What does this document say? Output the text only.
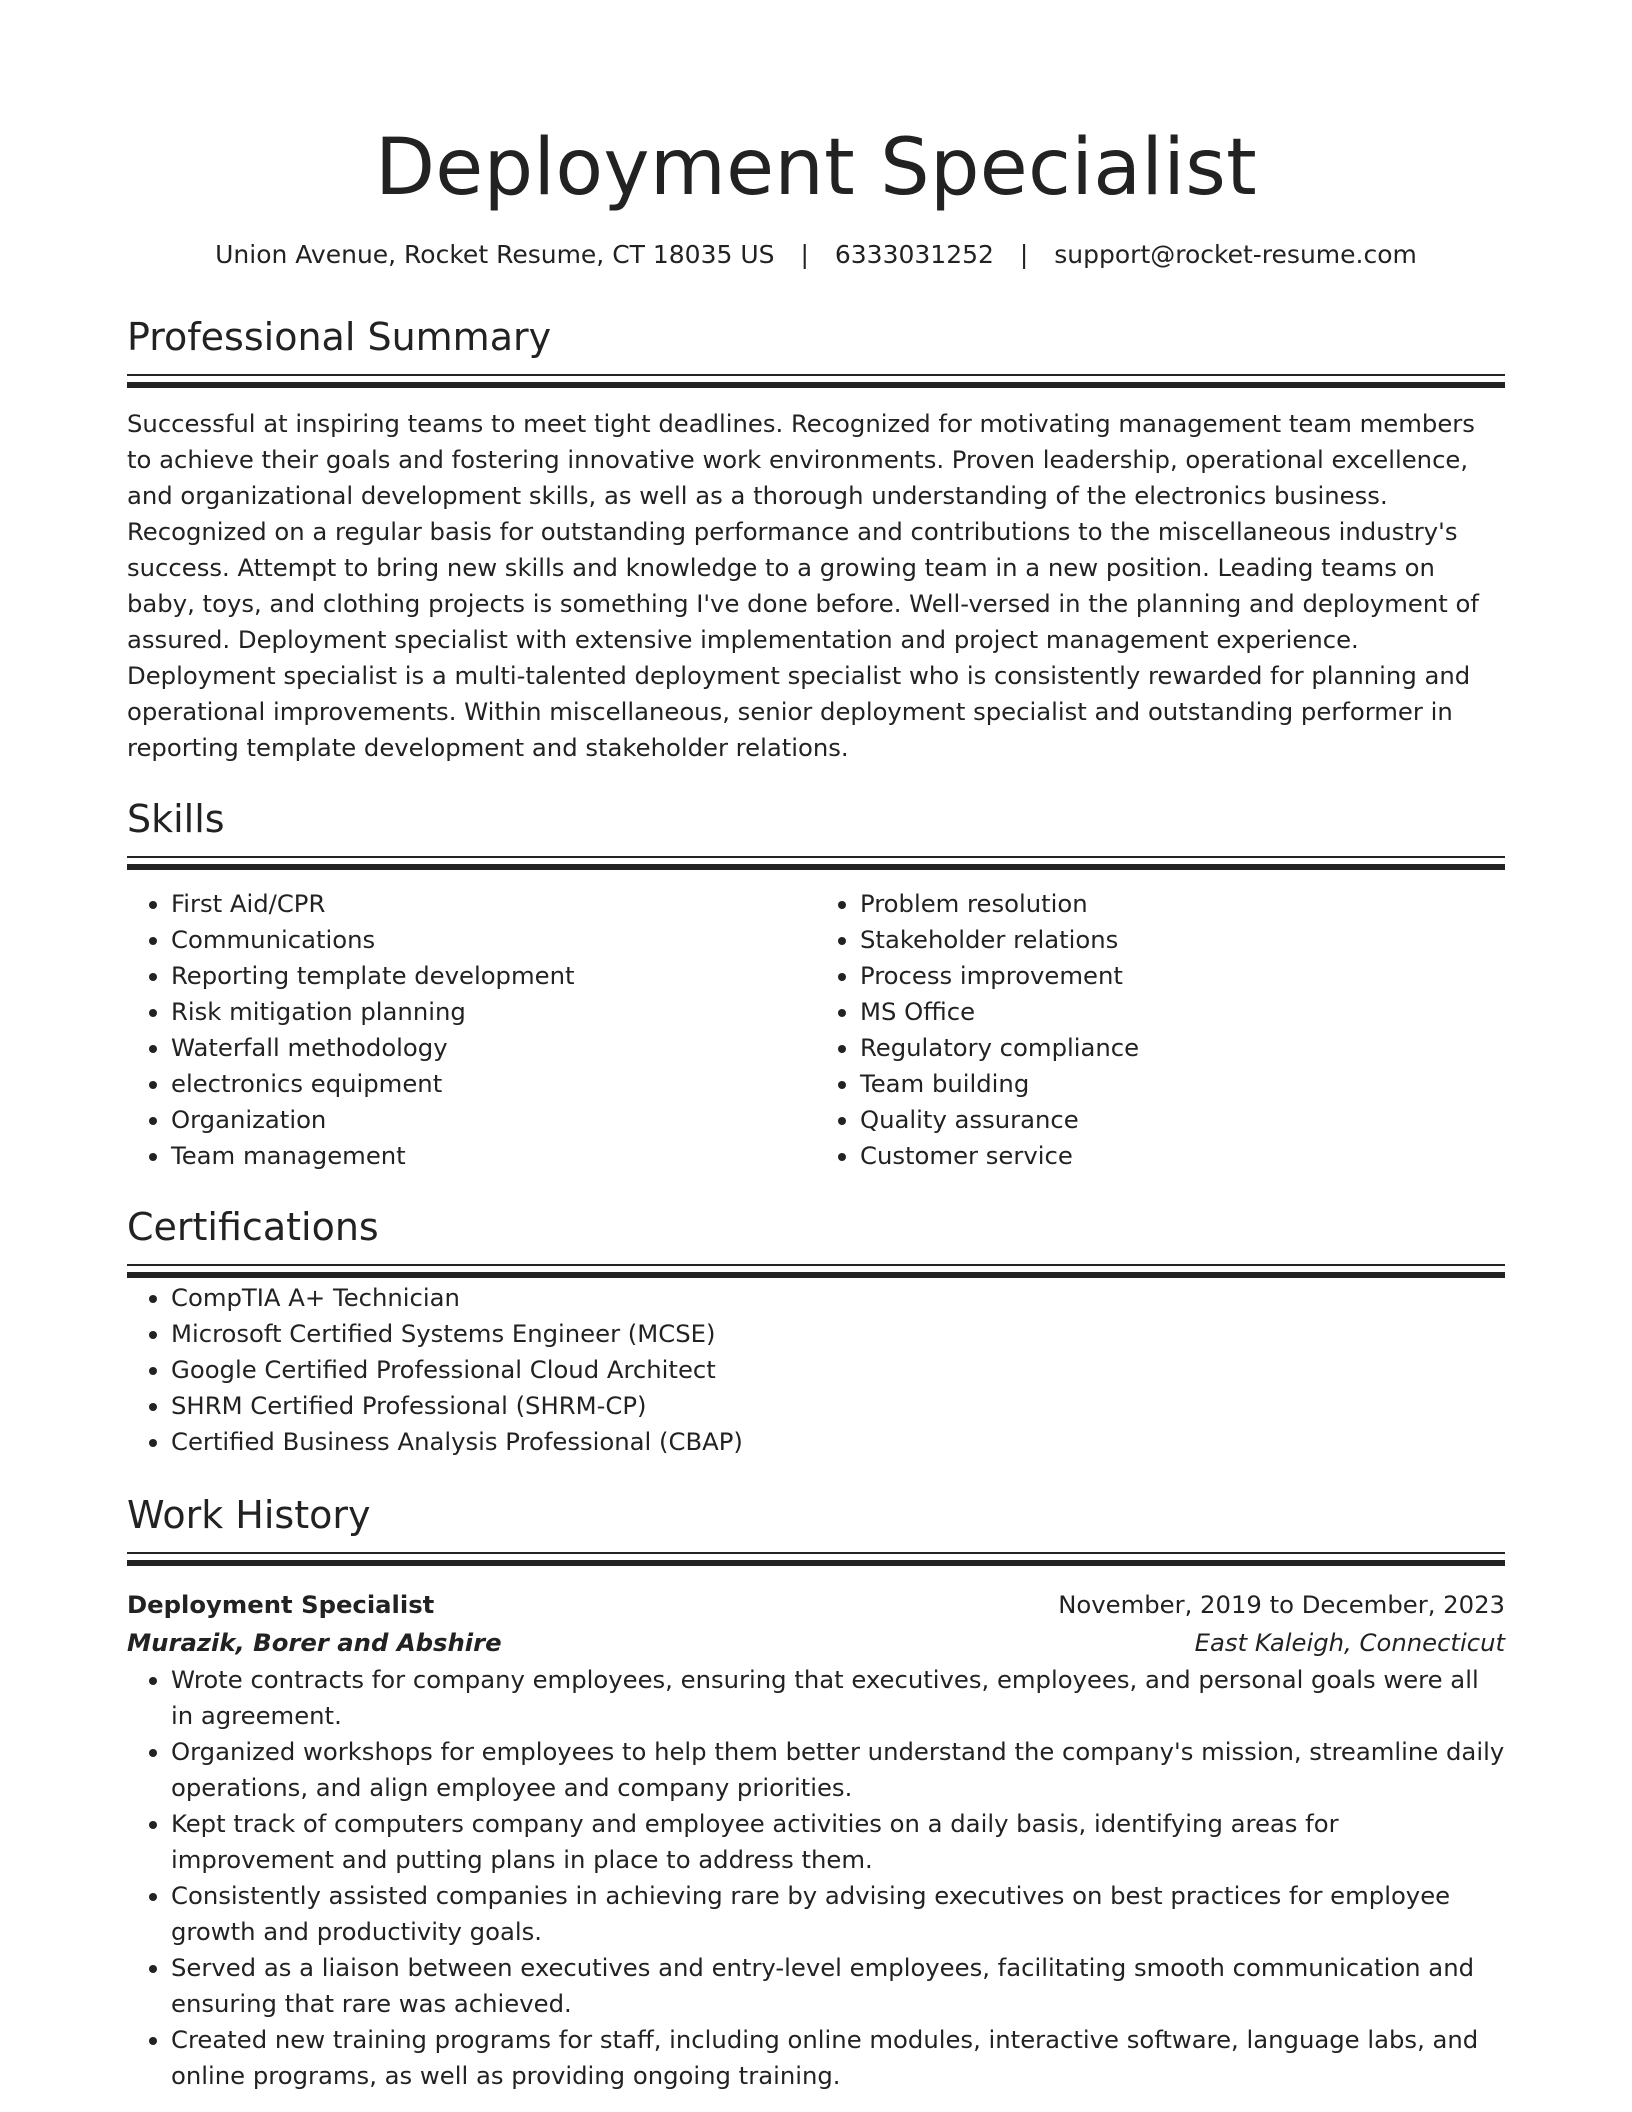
Deployment Specialist
Union Avenue, Rocket Resume, CT 18035 US | 6333031252 | support@rocket-resume.com
Professional Summary

Successful at inspiring teams to meet tight deadlines. Recognized for motivating management team members to achieve their goals and fostering innovative work environments. Proven leadership, operational excellence, and organizational development skills, as well as a thorough understanding of the electronics business. Recognized on a regular basis for outstanding performance and contributions to the miscellaneous industry's success. Attempt to bring new skills and knowledge to a growing team in a new position. Leading teams on baby, toys, and clothing projects is something I've done before. Well-versed in the planning and deployment of assured. Deployment specialist with extensive implementation and project management experience. Deployment specialist is a multi-talented deployment specialist who is consistently rewarded for planning and operational improvements. Within miscellaneous, senior deployment specialist and outstanding performer in reporting template development and stakeholder relations.

Skills
• First Aid/CPR
• Communications
• Reporting template development
• Risk mitigation planning
• Waterfall methodology
• electronics equipment
• Organization
• Team management
• Problem resolution
• Stakeholder relations
• Process improvement
• MS Office
• Regulatory compliance
• Team building
• Quality assurance
• Customer service
Certifications
• CompTIA A+ Technician
• Microsoft Certified Systems Engineer (MCSE)
• Google Certified Professional Cloud Architect
• SHRM Certified Professional (SHRM-CP)
• Certified Business Analysis Professional (CBAP)
Work History
Deployment Specialist
Murazik, Borer and Abshire
November, 2019 to December, 2023
East Kaleigh, Connecticut
• Wrote contracts for company employees, ensuring that executives, employees, and personal goals were all in agreement.
• Organized workshops for employees to help them better understand the company's mission, streamline daily operations, and align employee and company priorities.
• Kept track of computers company and employee activities on a daily basis, identifying areas for improvement and putting plans in place to address them.
• Consistently assisted companies in achieving rare by advising executives on best practices for employee growth and productivity goals.
• Served as a liaison between executives and entry-level employees, facilitating smooth communication and ensuring that rare was achieved.
• Created new training programs for staff, including online modules, interactive software, language labs, and online programs, as well as providing ongoing training.
